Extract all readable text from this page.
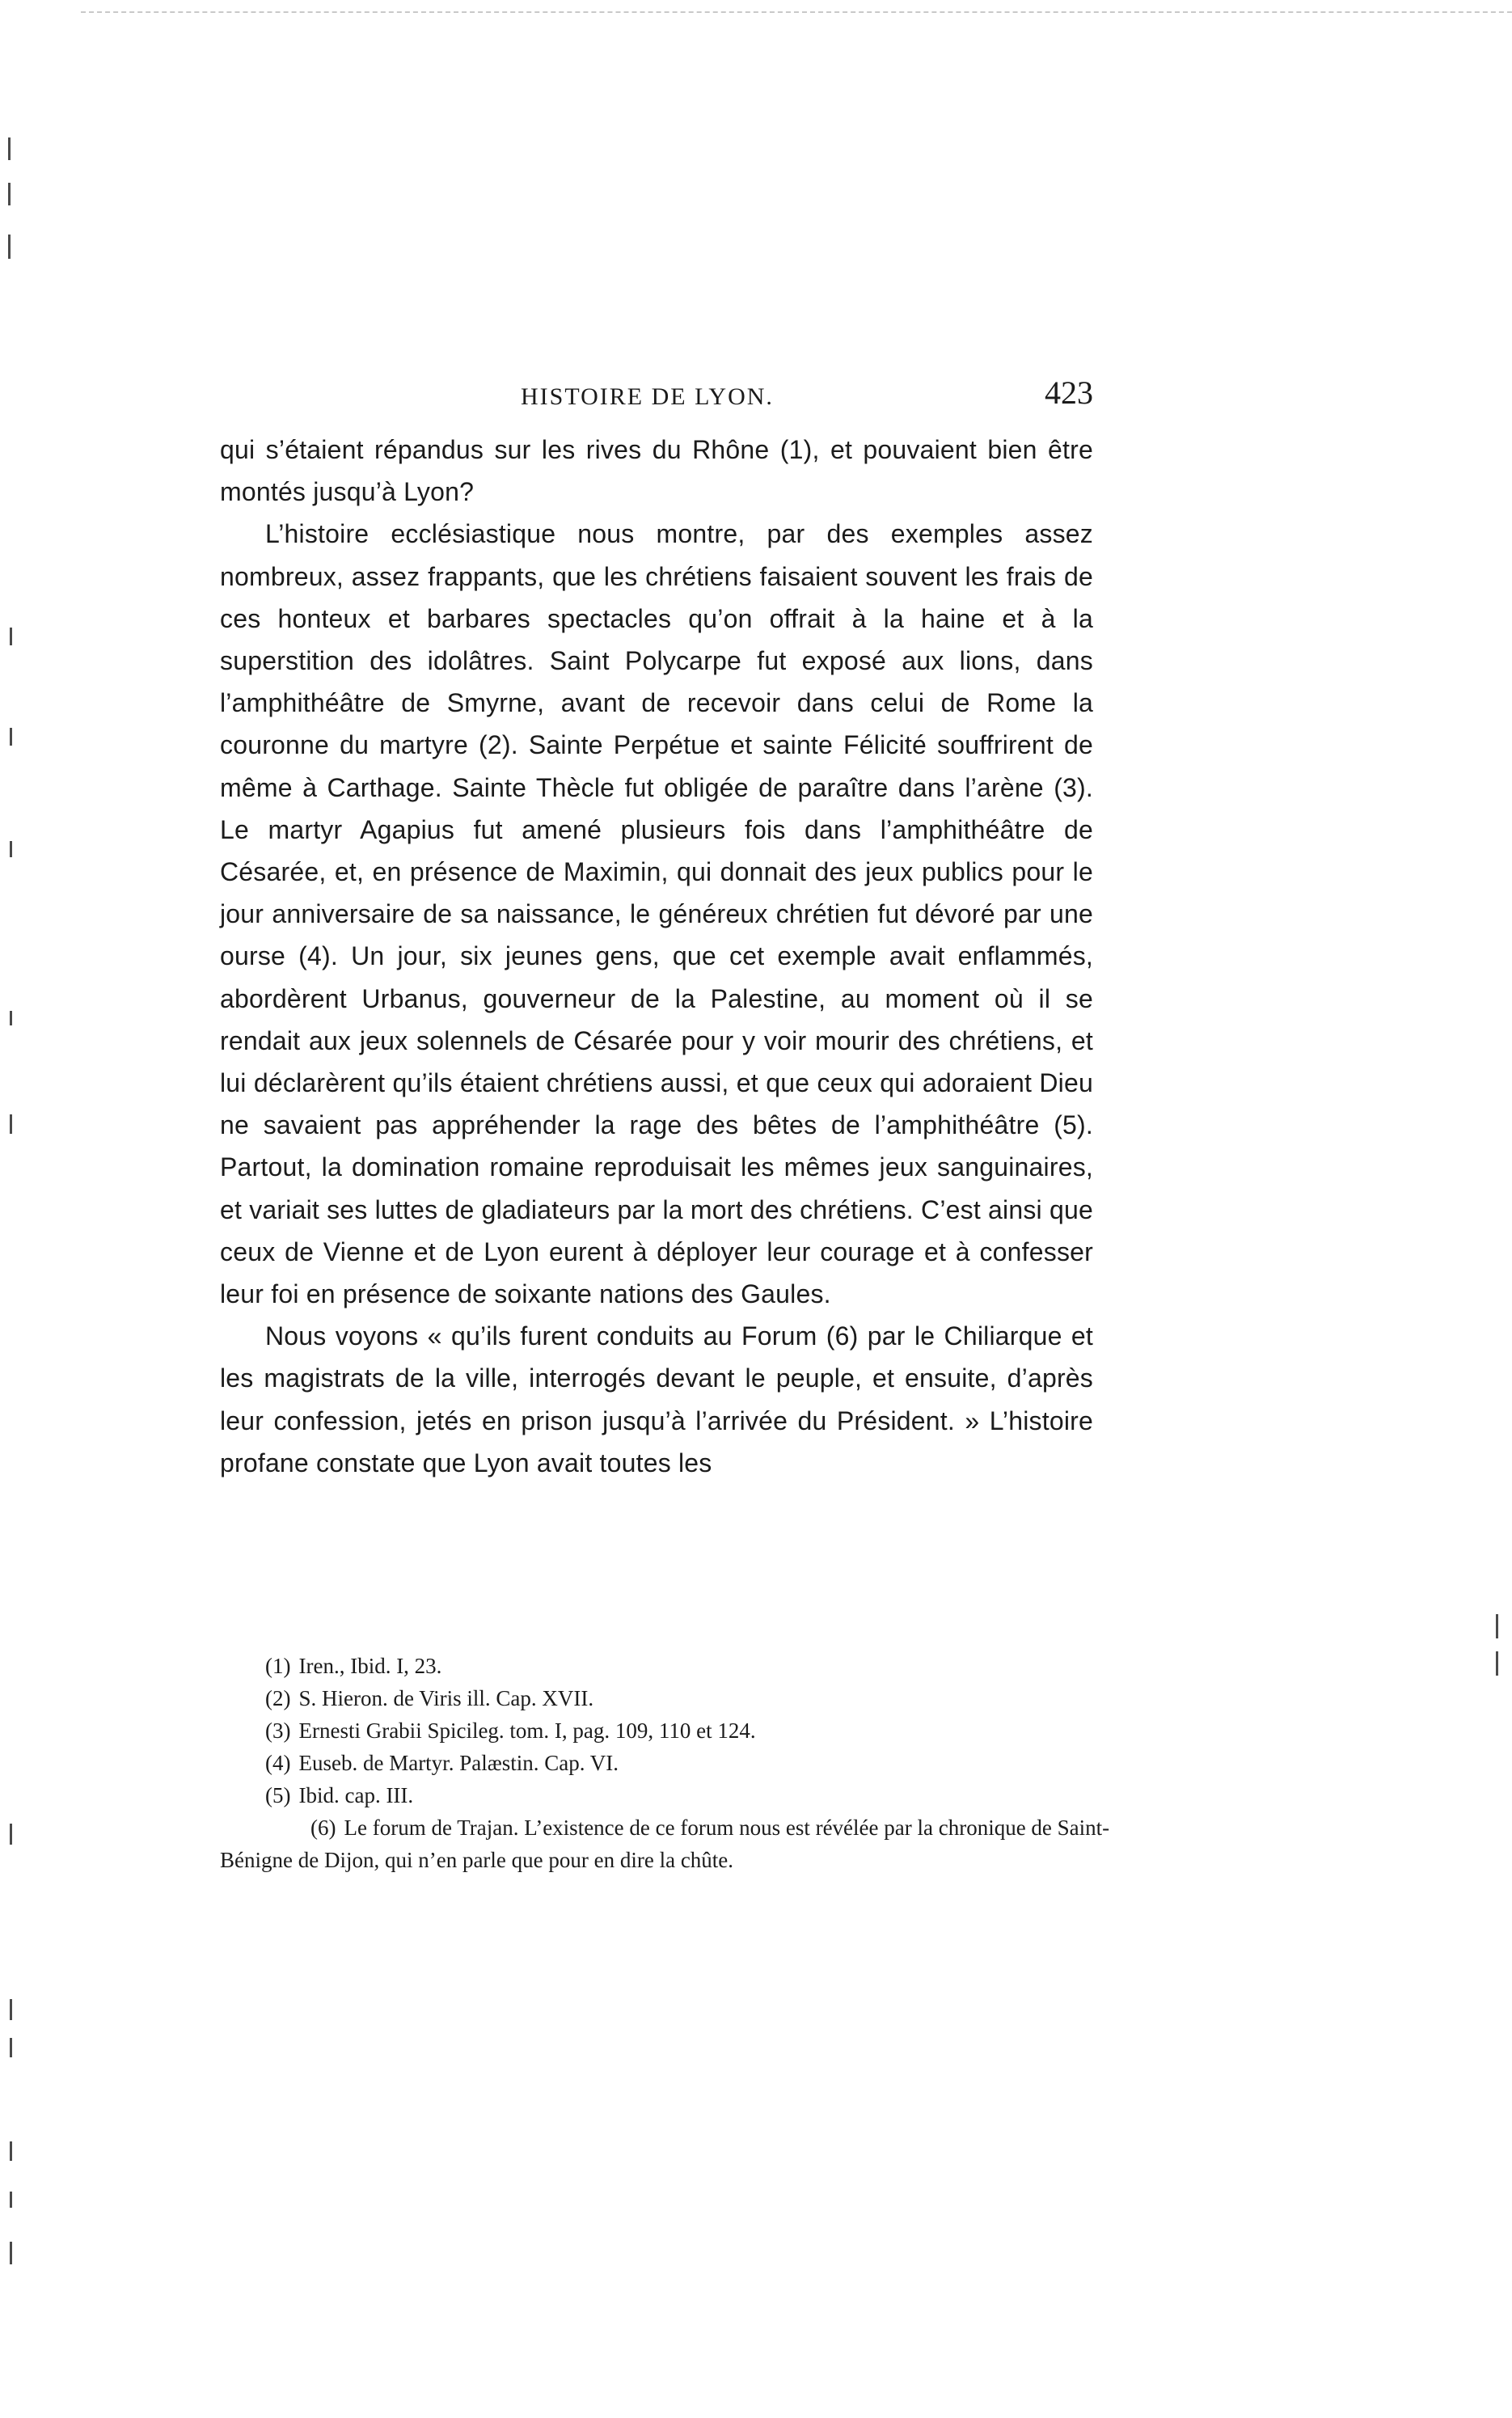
HISTOIRE DE LYON.	423

qui s’étaient répandus sur les rives du Rhône (1), et pouvaient bien être montés jusqu’à Lyon?

L’histoire ecclésiastique nous montre, par des exemples assez nombreux, assez frappants, que les chrétiens faisaient souvent les frais de ces honteux et barbares spectacles qu’on offrait à la haine et à la superstition des idolâtres. Saint Polycarpe fut exposé aux lions, dans l’amphithéâtre de Smyrne, avant de recevoir dans celui de Rome la couronne du martyre (2). Sainte Perpétue et sainte Félicité souffrirent de même à Carthage. Sainte Thècle fut obligée de paraître dans l’arène (3). Le martyr Agapius fut amené plusieurs fois dans l’amphithéâtre de Césarée, et, en présence de Maximin, qui donnait des jeux publics pour le jour anniversaire de sa naissance, le généreux chrétien fut dévoré par une ourse (4). Un jour, six jeunes gens, que cet exemple avait enflammés, abordèrent Urbanus, gouverneur de la Palestine, au moment où il se rendait aux jeux solennels de Césarée pour y voir mourir des chrétiens, et lui déclarèrent qu’ils étaient chrétiens aussi, et que ceux qui adoraient Dieu ne savaient pas appréhender la rage des bêtes de l’amphithéâtre (5). Partout, la domination romaine reproduisait les mêmes jeux sanguinaires, et variait ses luttes de gladiateurs par la mort des chrétiens. C’est ainsi que ceux de Vienne et de Lyon eurent à déployer leur courage et à confesser leur foi en présence de soixante nations des Gaules.

Nous voyons « qu’ils furent conduits au Forum (6) par le Chiliarque et les magistrats de la ville, interrogés devant le peuple, et ensuite, d’après leur confession, jetés en prison jusqu’à l’arrivée du Président. » L’histoire profane constate que Lyon avait toutes les

(1) Iren., Ibid. I, 23.

(2) S. Hieron. de Viris ill. Cap. XVII.

(3) Ernesti Grabii Spicileg. tom. I, pag. 109, 110 et 124.

(4) Euseb. de Martyr. Palæstin. Cap. VI.

(5) Ibid. cap. III.

(6) Le forum de Trajan. L’existence de ce forum nous est révélée par la chronique de Saint-Bénigne de Dijon, qui n’en parle que pour en dire la chûte.
